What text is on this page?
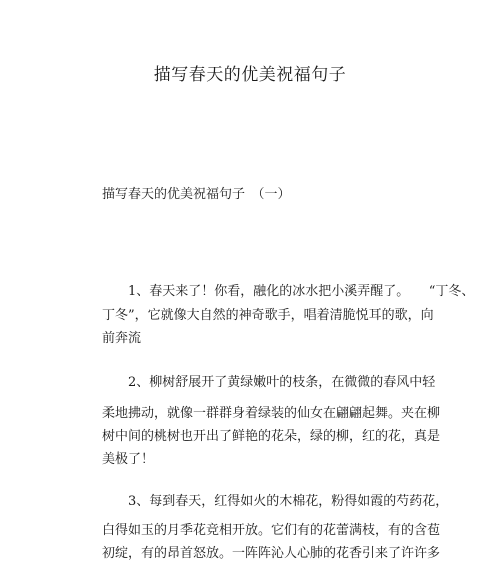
描写春天的优美祝福句子
描写春天的优美祝福句子　（一）
　　1、春天来了！你看，融化的冰水把小溪弄醒了。　　“丁冬、
丁冬”，它就像大自然的神奇歌手，唱着清脆悦耳的歌，向
前奔流
　　2、柳树舒展开了黄绿嫩叶的枝条，在微微的春风中轻
柔地拂动，就像一群群身着绿装的仙女在翩翩起舞。夹在柳
树中间的桃树也开出了鲜艳的花朵，绿的柳，红的花，真是
美极了！
　　3、每到春天，红得如火的木棉花，粉得如霞的芍药花，
白得如玉的月季花竞相开放。它们有的花蕾满枝，有的含苞
初绽，有的昂首怒放。一阵阵沁人心肺的花香引来了许许多
